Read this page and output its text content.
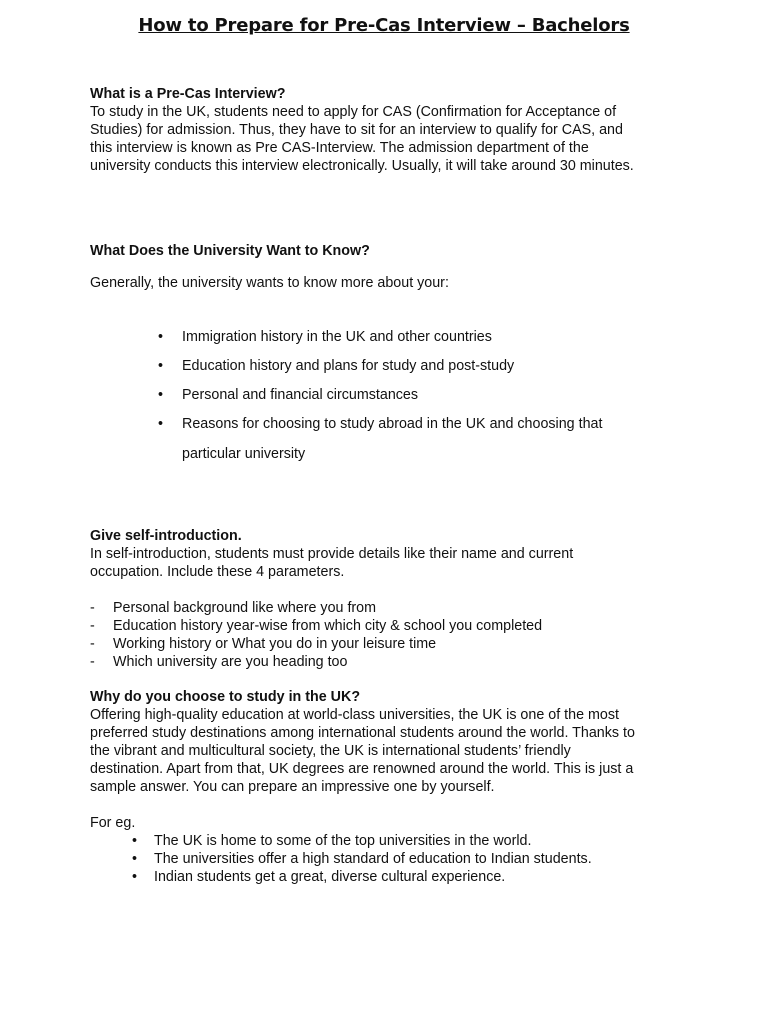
How to Prepare for Pre-Cas Interview – Bachelors

What is a Pre-Cas Interview?

To study in the UK, students need to apply for CAS (Confirmation for Acceptance of

Studies) for admission. Thus, they have to sit for an interview to qualify for CAS, and

this interview is known as Pre CAS-Interview. The admission department of the

university conducts this interview electronically. Usually, it will take around 30 minutes.

What Does the University Want to Know?

Generally, the university wants to know more about your:

• Immigration history in the UK and other countries
• Education history and plans for study and post-study
• Personal and financial circumstances
• Reasons for choosing to study abroad in the UK and choosing that
particular university

Give self-introduction.

In self-introduction, students must provide details like their name and current

occupation. Include these 4 parameters.

- Personal background like where you from
- Education history year-wise from which city & school you completed
- Working history or What you do in your leisure time
- Which university are you heading too

Why do you choose to study in the UK?

Offering high-quality education at world-class universities, the UK is one of the most

preferred study destinations among international students around the world. Thanks to

the vibrant and multicultural society, the UK is international students’ friendly

destination. Apart from that, UK degrees are renowned around the world. This is just a

sample answer. You can prepare an impressive one by yourself.

For eg.

• The UK is home to some of the top universities in the world.
• The universities offer a high standard of education to Indian students.
• Indian students get a great, diverse cultural experience.
